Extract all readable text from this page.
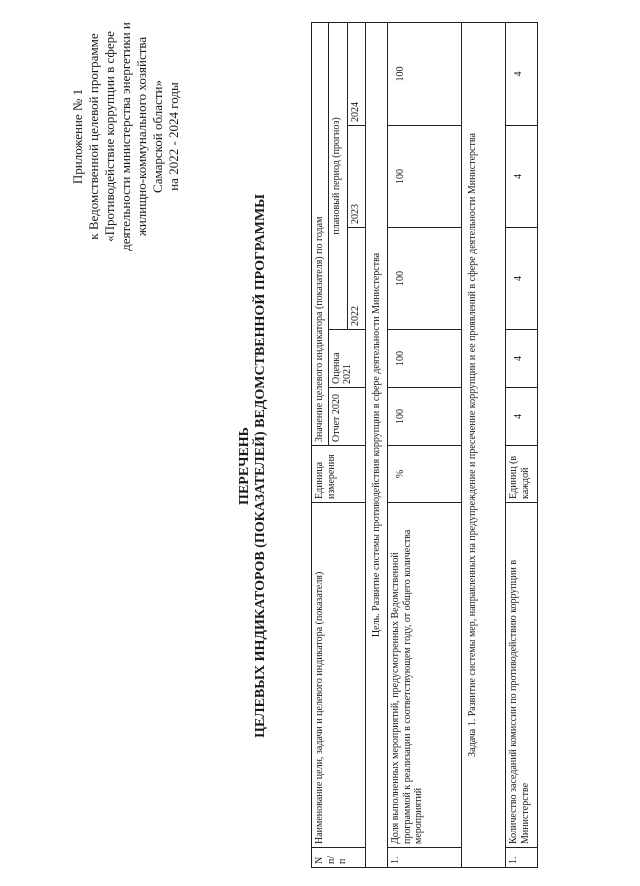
Приложение № 1 к Ведомственной целевой программе «Противодействие коррупции в сфере деятельности министерства энергетики и жилищно-коммунального хозяйства Самарской области» на 2022 - 2024 годы
ПЕРЕЧЕНЬ ЦЕЛЕВЫХ ИНДИКАТОРОВ (ПОКАЗАТЕЛЕЙ) ВЕДОМСТВЕННОЙ ПРОГРАММЫ
N п/п	Наименование цели, задачи и целевого индикатора (показателя)	Единица измерения	Значение целевого индикатора (показателя) по годам				
			Отчет 2020	Оценка 2021	плановый период (прогноз)		
					2022	2023	2024
Цель. Развитие системы противодействия коррупции в сфере деятельности Министерства							
1.	Доля выполненных мероприятий, предусмотренных Ведомственной программой к реализации в соответствующем году, от общего количества мероприятий	%	100	100	100	100	100
Задача 1. Развитие системы мер, направленных на предупреждение и пресечение коррупции и ее проявлений в сфере деятельности Министерства							
1.	Количество заседаний комиссии по противодействию коррупции в Министерстве	Единиц (в каждой	4	4	4	4	4
